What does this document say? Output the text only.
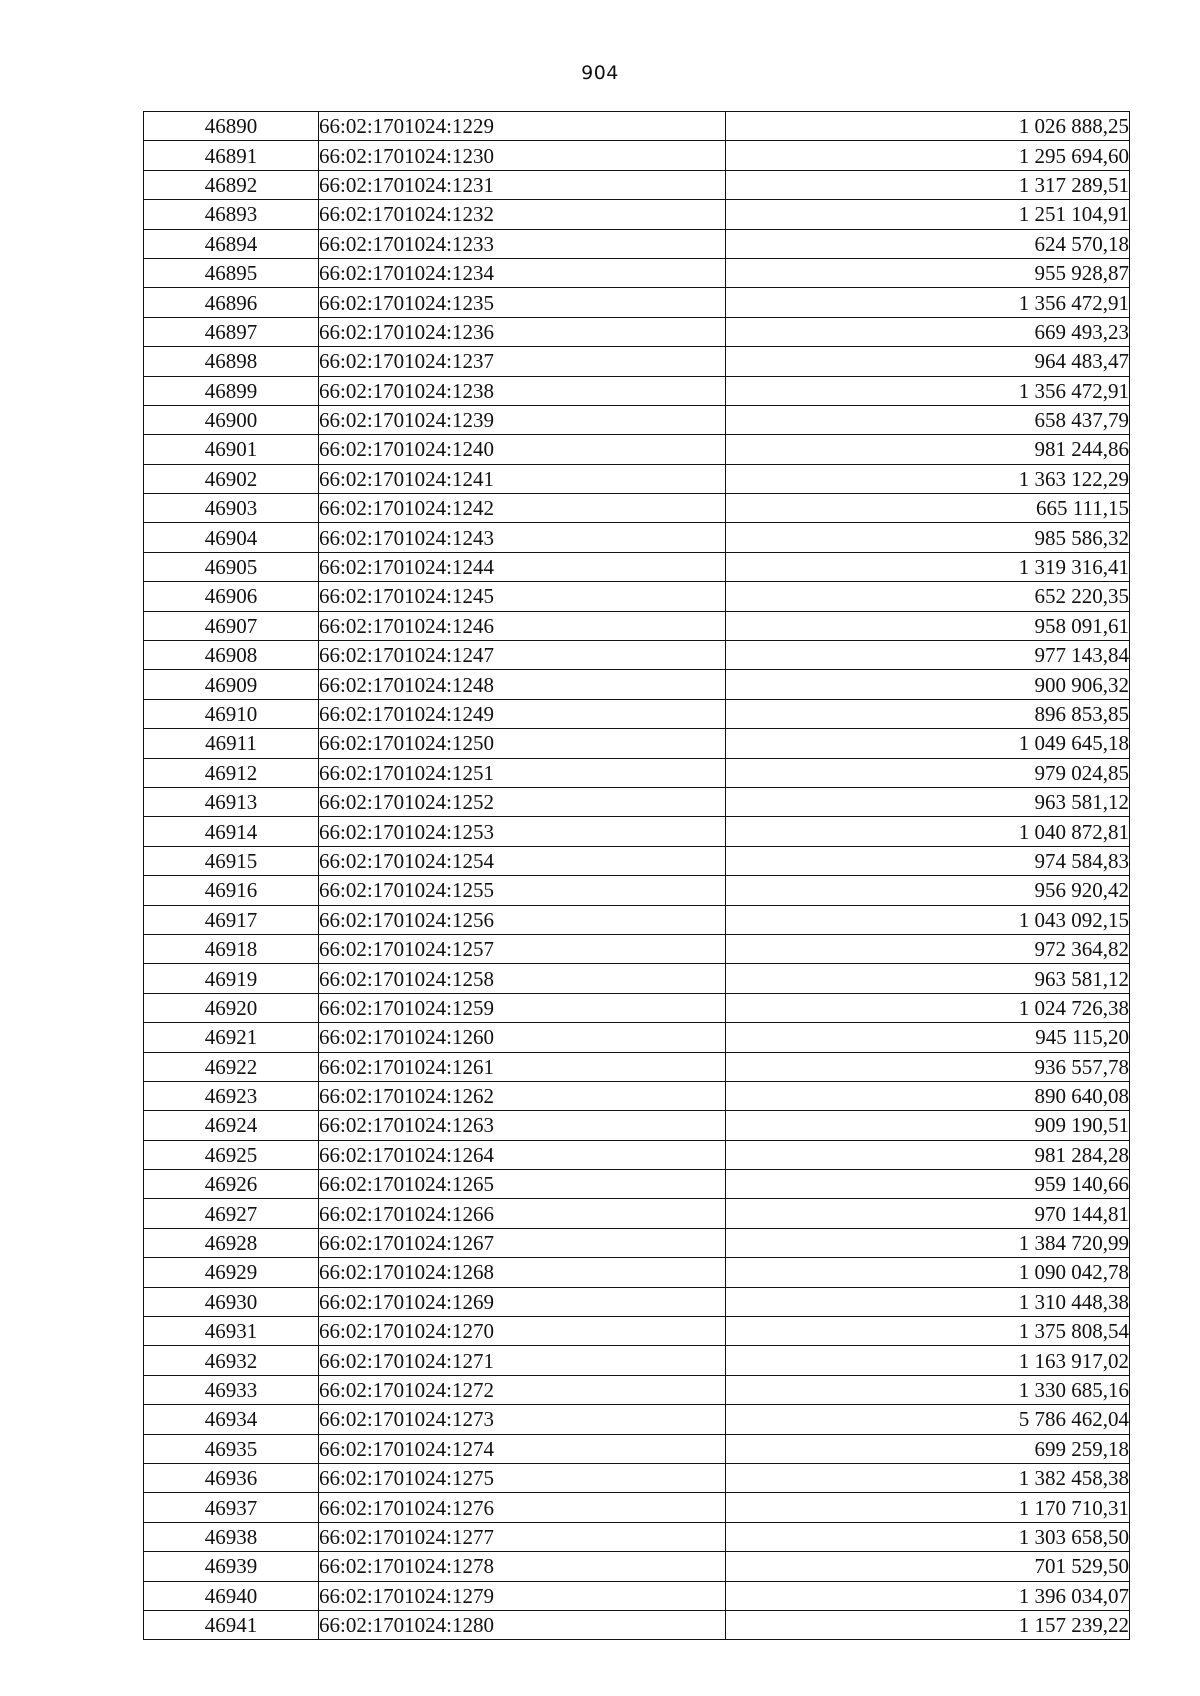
904
46890	66:02:1701024:1229	1 026 888,25
46891	66:02:1701024:1230	1 295 694,60
46892	66:02:1701024:1231	1 317 289,51
46893	66:02:1701024:1232	1 251 104,91
46894	66:02:1701024:1233	624 570,18
46895	66:02:1701024:1234	955 928,87
46896	66:02:1701024:1235	1 356 472,91
46897	66:02:1701024:1236	669 493,23
46898	66:02:1701024:1237	964 483,47
46899	66:02:1701024:1238	1 356 472,91
46900	66:02:1701024:1239	658 437,79
46901	66:02:1701024:1240	981 244,86
46902	66:02:1701024:1241	1 363 122,29
46903	66:02:1701024:1242	665 111,15
46904	66:02:1701024:1243	985 586,32
46905	66:02:1701024:1244	1 319 316,41
46906	66:02:1701024:1245	652 220,35
46907	66:02:1701024:1246	958 091,61
46908	66:02:1701024:1247	977 143,84
46909	66:02:1701024:1248	900 906,32
46910	66:02:1701024:1249	896 853,85
46911	66:02:1701024:1250	1 049 645,18
46912	66:02:1701024:1251	979 024,85
46913	66:02:1701024:1252	963 581,12
46914	66:02:1701024:1253	1 040 872,81
46915	66:02:1701024:1254	974 584,83
46916	66:02:1701024:1255	956 920,42
46917	66:02:1701024:1256	1 043 092,15
46918	66:02:1701024:1257	972 364,82
46919	66:02:1701024:1258	963 581,12
46920	66:02:1701024:1259	1 024 726,38
46921	66:02:1701024:1260	945 115,20
46922	66:02:1701024:1261	936 557,78
46923	66:02:1701024:1262	890 640,08
46924	66:02:1701024:1263	909 190,51
46925	66:02:1701024:1264	981 284,28
46926	66:02:1701024:1265	959 140,66
46927	66:02:1701024:1266	970 144,81
46928	66:02:1701024:1267	1 384 720,99
46929	66:02:1701024:1268	1 090 042,78
46930	66:02:1701024:1269	1 310 448,38
46931	66:02:1701024:1270	1 375 808,54
46932	66:02:1701024:1271	1 163 917,02
46933	66:02:1701024:1272	1 330 685,16
46934	66:02:1701024:1273	5 786 462,04
46935	66:02:1701024:1274	699 259,18
46936	66:02:1701024:1275	1 382 458,38
46937	66:02:1701024:1276	1 170 710,31
46938	66:02:1701024:1277	1 303 658,50
46939	66:02:1701024:1278	701 529,50
46940	66:02:1701024:1279	1 396 034,07
46941	66:02:1701024:1280	1 157 239,22
